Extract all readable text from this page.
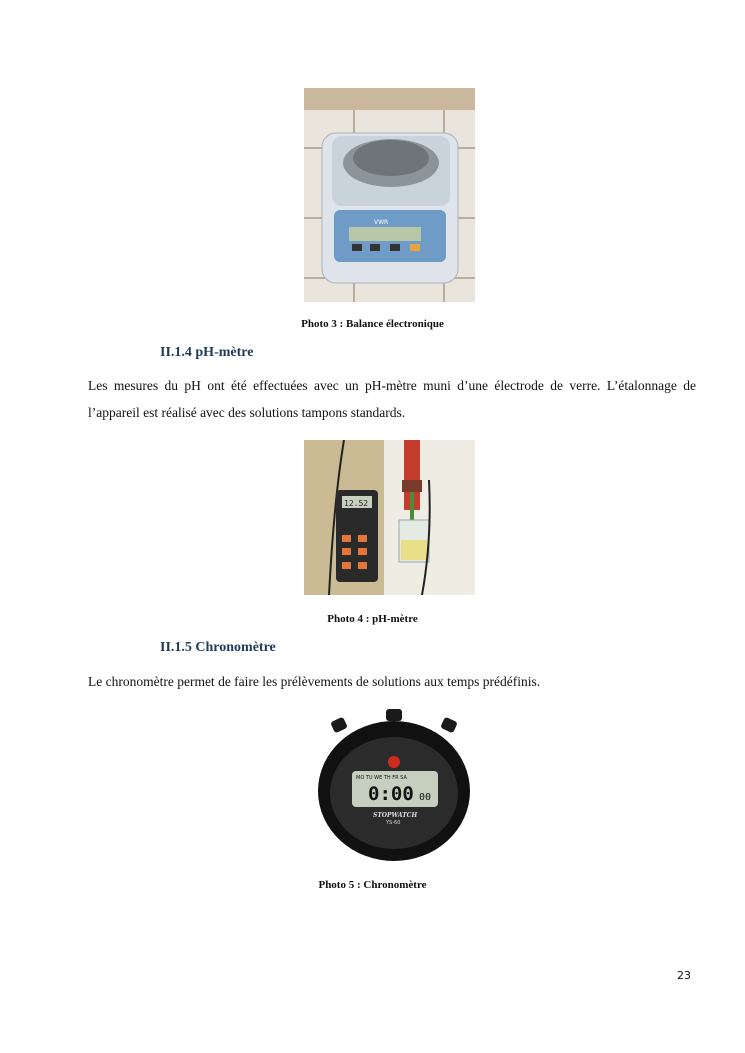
VWR
Photo 3 : Balance électronique
II.1.4 pH-mètre
Les mesures du pH ont été effectuées avec un pH-mètre muni d’une électrode de verre. L’étalonnage de l’appareil est réalisé avec des solutions tampons standards.
12.52
Photo 4 : pH-mètre
II.1.5 Chronomètre
Le chronomètre permet de faire les prélèvements de solutions aux temps prédéfinis.
MO TU WE TH FR SA
0:00 00
STOPWATCH
YS-60
Photo 5 : Chronomètre
23
